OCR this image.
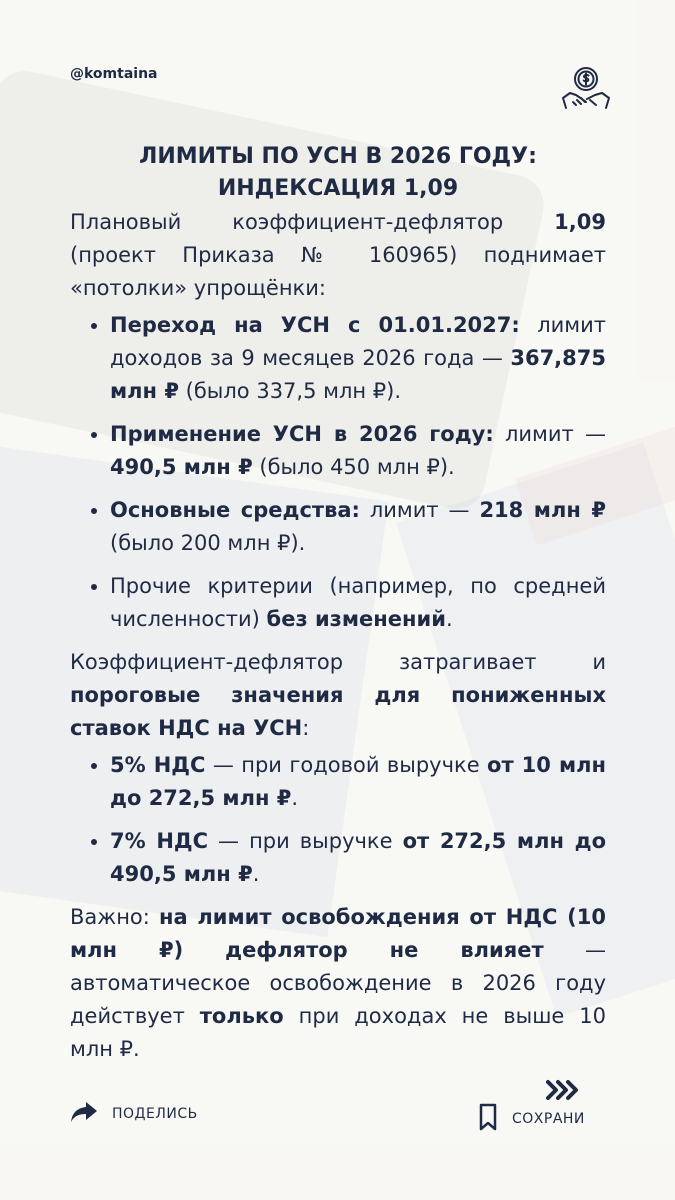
@komtaina
ЛИМИТЫ ПО УСН В 2026 ГОДУ:
ИНДЕКСАЦИЯ 1,09

Плановый коэффициент-дефлятор 1,09 (проект Приказа № 160965) поднимает «потолки» упрощёнки:

• Переход на УСН с 01.01.2027: лимит доходов за 9 месяцев 2026 года — 367,875 млн ₽ (было 337,5 млн ₽).
• Применение УСН в 2026 году: лимит — 490,5 млн ₽ (было 450 млн ₽).
• Основные средства: лимит — 218 млн ₽ (было 200 млн ₽).
• Прочие критерии (например, по средней численности) без изменений.

Коэффициент-дефлятор затрагивает и пороговые значения для пониженных ставок НДС на УСН:

• 5% НДС — при годовой выручке от 10 млн до 272,5 млн ₽.
• 7% НДС — при выручке от 272,5 млн до 490,5 млн ₽.

Важно: на лимит освобождения от НДС (10 млн ₽) дефлятор не влияет — автоматическое освобождение в 2026 году действует только при доходах не выше 10 млн ₽.

ПОДЕЛИСЬ	СОХРАНИ
